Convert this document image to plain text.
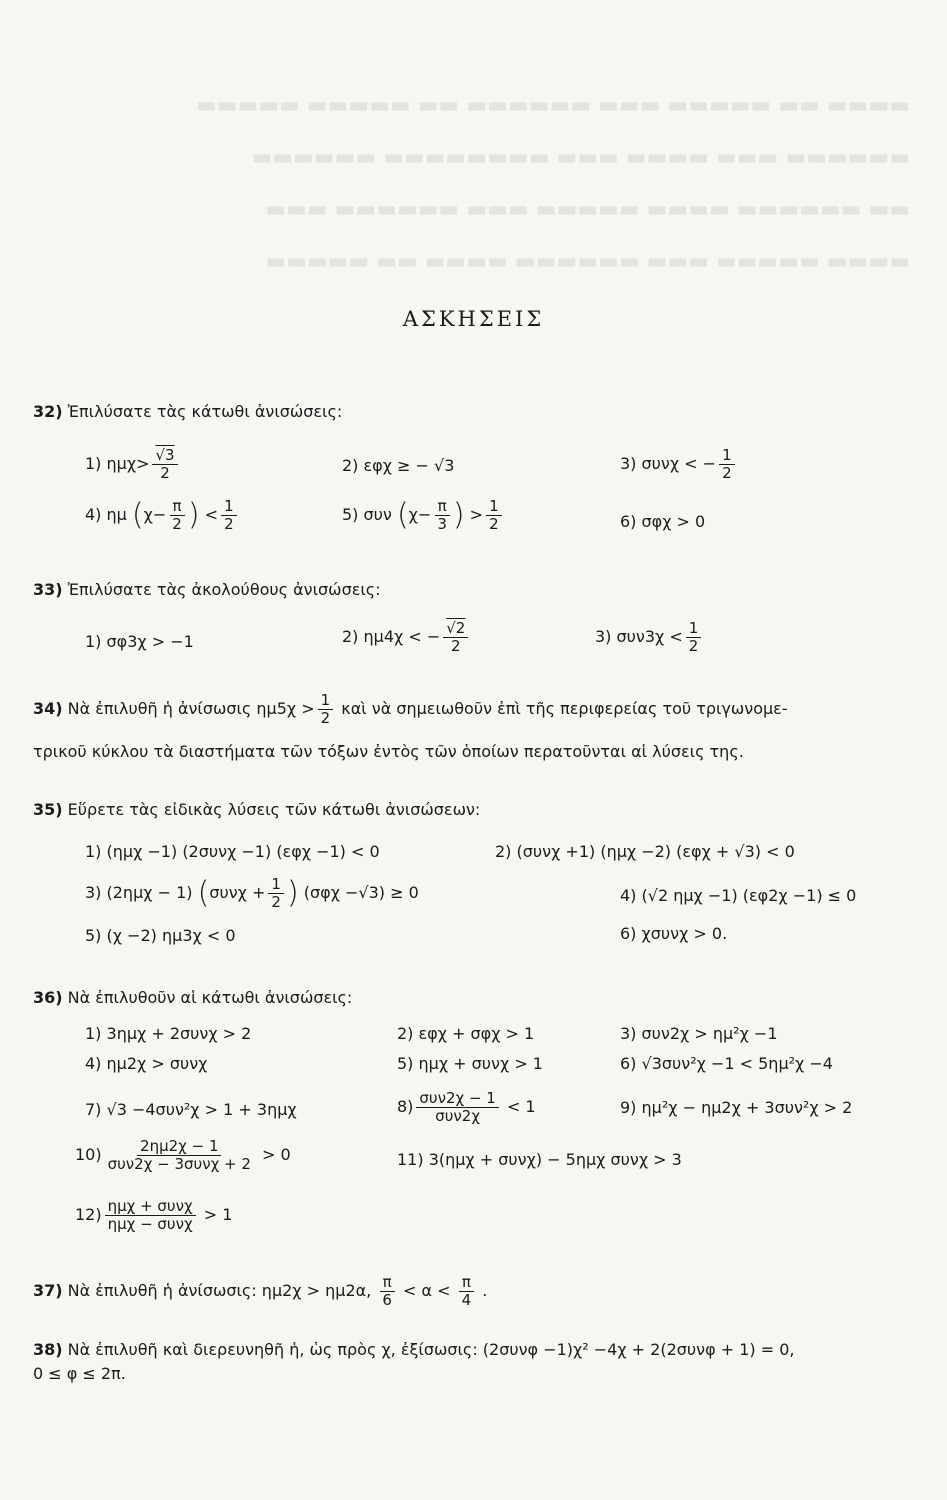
▬▬▬▬ ▬▬ ▬▬▬▬▬ ▬▬▬ ▬▬▬▬▬▬ ▬▬ ▬▬▬▬▬ ▬▬▬▬▬
▬▬▬▬▬▬ ▬▬▬ ▬▬▬▬ ▬▬▬ ▬▬▬▬▬▬▬▬ ▬▬▬▬▬▬
▬▬ ▬▬▬▬▬▬ ▬▬▬▬ ▬▬▬▬▬ ▬▬▬ ▬▬▬▬▬▬ ▬▬▬
▬▬▬▬ ▬▬▬▬▬ ▬▬▬ ▬▬▬▬▬▬ ▬▬▬▬ ▬▬ ▬▬▬▬▬
ΑΣΚΗΣΕΙΣ
32) Ἐπιλύσατε τὰς κάτωθι ἀνισώσεις:
1) $\eta\mu\chi> \frac{√3}{2}$	2) εφχ ≥ − √3	3) συνχ < − $\frac{1}{2}$
4) ημ ($\chi- \frac{\pi}{2}$ ) < $\frac{1}{2}$	5) συν ($\chi- \frac{\pi}{3}$ ) > $\frac{1}{2}$	6) σφχ > 0
33) Ἐπιλύσατε τὰς ἀκολούθους ἀνισώσεις:
1) σφ3χ > −1	2) ημ4χ < − $\frac{√2}{2}$	3) $\sigma\upsilon\nu 3\chi < \frac{1}{2}$
34) Νὰ ἐπιλυθῆ ἡ ἀνίσωσις $\eta\mu 5\chi > \frac{1}{2}$ καὶ νὰ σημειωθοῦν ἐπὶ τῆς περιφερείας τοῦ τριγωνομε-
τρικοῦ κύκλου τὰ διαστήματα τῶν τόξων ἐντὸς τῶν ὁποίων περατοῦνται αἱ λύσεις της.
35) Εὕρετε τὰς εἰδικὰς λύσεις τῶν κάτωθι ἀνισώσεων:
1) (ημχ −1) (2συνχ −1) (εφχ −1) < 0	2) (συνχ +1) (ημχ −2) (εφχ + √3) < 0
3) (2ημχ − 1) ($\sigma\upsilon\nu\chi + \frac{1}{2}$ ) (σφχ −√3) ≥ 0	4) (√2 ημχ −1) (εφ2χ −1) ≤ 0
5) (χ −2) ημ3χ < 0	6) χσυνχ > 0.
36) Νὰ ἐπιλυθοῦν αἱ κάτωθι ἀνισώσεις:
1) 3ημχ + 2συνχ > 2	2) εφχ + σφχ > 1	3) συν2χ > ημ²χ −1
4) ημ2χ > συνχ	5) ημχ + συνχ > 1	6) √3συν²χ −1 < 5ημ²χ −4
7) √3 −4συν²χ > 1 + 3ημχ	$8) \frac{\text{συν2χ − 1}}{\text{συν2χ}} < 1$	9) ημ²χ − ημ2χ + 3συν²χ > 2
$10) \frac{2\eta\mu 2\chi - 1}{\text{συν2χ − 3συνχ + 2}} > 0$	11) 3(ημχ + συνχ) − 5ημχ συνχ > 3
$12) \frac{\text{ημχ + συνχ}}{\text{ημχ − συνχ}} > 1$
37) Νὰ ἐπιλυθῆ ἡ ἀνίσωσις: ημ2χ > ημ2α, $\frac{\pi}{6} < \alpha < \frac{\pi}{4}$ .
38) Νὰ ἐπιλυθῆ καὶ διερευνηθῆ ἡ, ὡς πρὸς χ, ἐξίσωσις: (2συνφ −1)χ² −4χ + 2(2συνφ + 1) = 0,
0 ≤ φ ≤ 2π.
